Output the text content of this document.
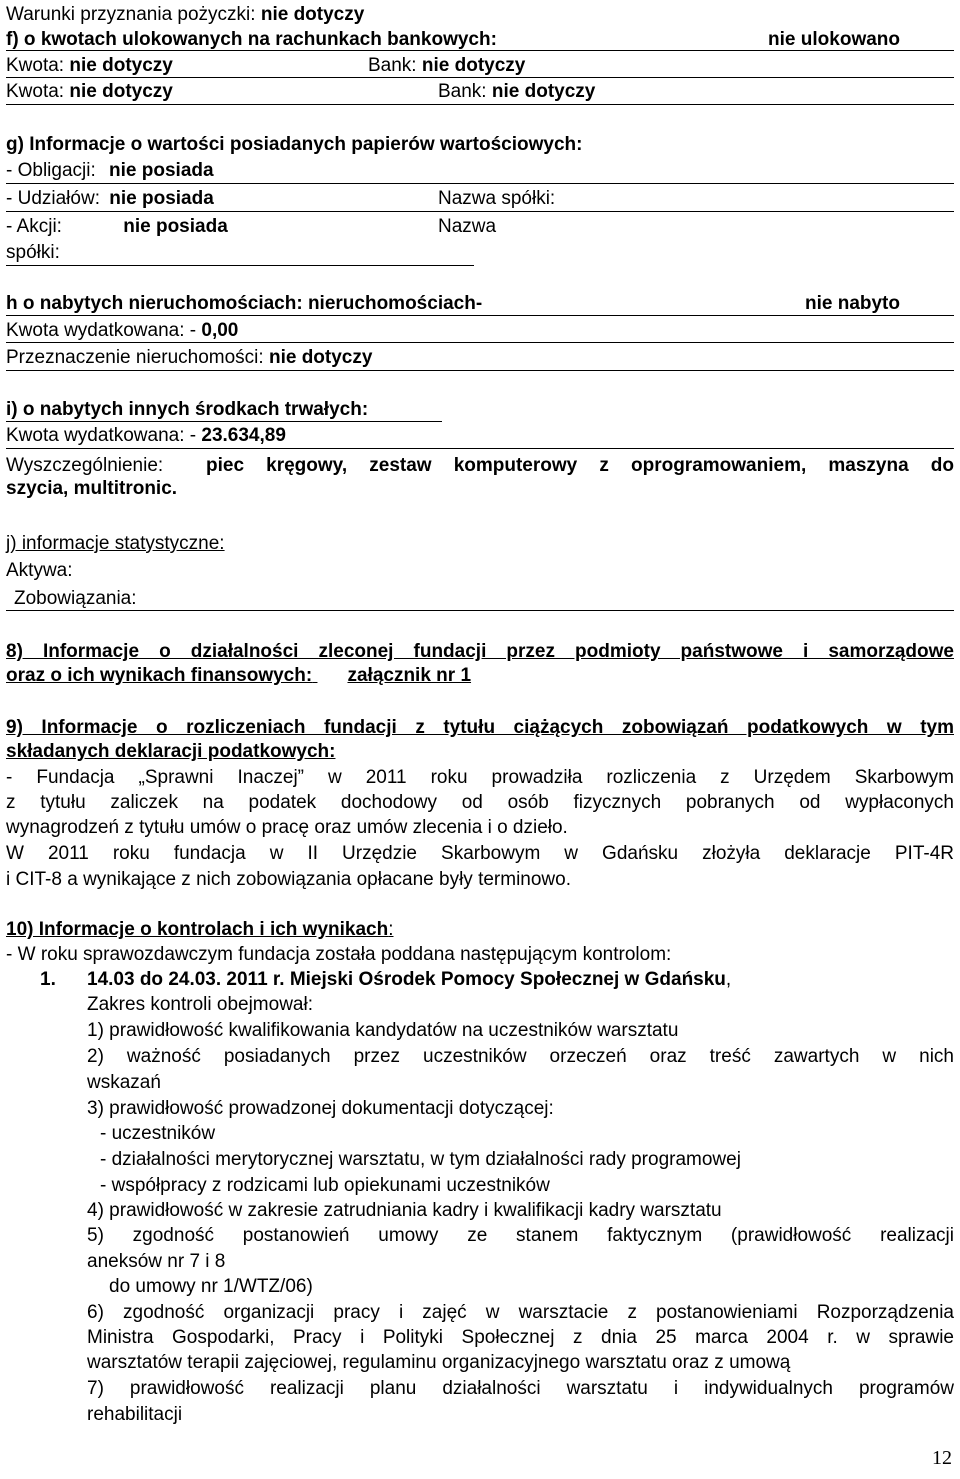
Warunki przyznania pożyczki: nie dotyczy
f) o kwotach ulokowanych na rachunkach bankowych:	nie ulokowano
Kwota: nie dotyczy	Bank: nie dotyczy
Kwota: nie dotyczy	Bank: nie dotyczy
g) Informacje o wartości posiadanych papierów wartościowych:
- Obligacji: nie posiada
- Udziałów: nie posiada	Nazwa spółki:
- Akcji:	nie posiada	Nazwa
spółki:
h o nabytych nieruchomościach: nieruchomościach-	nie nabyto
Kwota wydatkowana: - 0,00
Przeznaczenie nieruchomości: nie dotyczy
i) o nabytych innych środkach trwałych:
Kwota wydatkowana: - 23.634,89
Wyszczególnienie: piec kręgowy, zestaw komputerowy z oprogramowaniem, maszyna do
szycia, multitronic.
j) informacje statystyczne:
Aktywa:
Zobowiązania:
8) Informacje o działalności zleconej fundacji przez podmioty państwowe i samorządowe
oraz o ich wynikach finansowych: załącznik nr 1
9) Informacje o rozliczeniach fundacji z tytułu ciążących zobowiązań podatkowych w tym
składanych deklaracji podatkowych:
- Fundacja „Sprawni Inaczej” w 2011 roku prowadziła rozliczenia z Urzędem Skarbowym
z tytułu zaliczek na podatek dochodowy od osób fizycznych pobranych od wypłaconych
wynagrodzeń z tytułu umów o pracę oraz umów zlecenia i o dzieło.
W 2011 roku fundacja w II Urzędzie Skarbowym w Gdańsku złożyła deklaracje PIT-4R
i CIT-8 a wynikające z nich zobowiązania opłacane były terminowo.
10) Informacje o kontrolach i ich wynikach:
- W roku sprawozdawczym fundacja została poddana następującym kontrolom:
1. 14.03 do 24.03. 2011 r. Miejski Ośrodek Pomocy Społecznej w Gdańsku,
Zakres kontroli obejmował:
1) prawidłowość kwalifikowania kandydatów na uczestników warsztatu
2) ważność posiadanych przez uczestników orzeczeń oraz treść zawartych w nich
wskazań
3) prawidłowość prowadzonej dokumentacji dotyczącej:
- uczestników
- działalności merytorycznej warsztatu, w tym działalności rady programowej
- współpracy z rodzicami lub opiekunami uczestników
4) prawidłowość w zakresie zatrudniania kadry i kwalifikacji kadry warsztatu
5) zgodność postanowień umowy ze stanem faktycznym (prawidłowość realizacji
aneksów nr 7 i 8
do umowy nr 1/WTZ/06)
6) zgodność organizacji pracy i zajęć w warsztacie z postanowieniami Rozporządzenia
Ministra Gospodarki, Pracy i Polityki Społecznej z dnia 25 marca 2004 r. w sprawie
warsztatów terapii zajęciowej, regulaminu organizacyjnego warsztatu oraz z umową
7) prawidłowość realizacji planu działalności warsztatu i indywidualnych programów
rehabilitacji
12
